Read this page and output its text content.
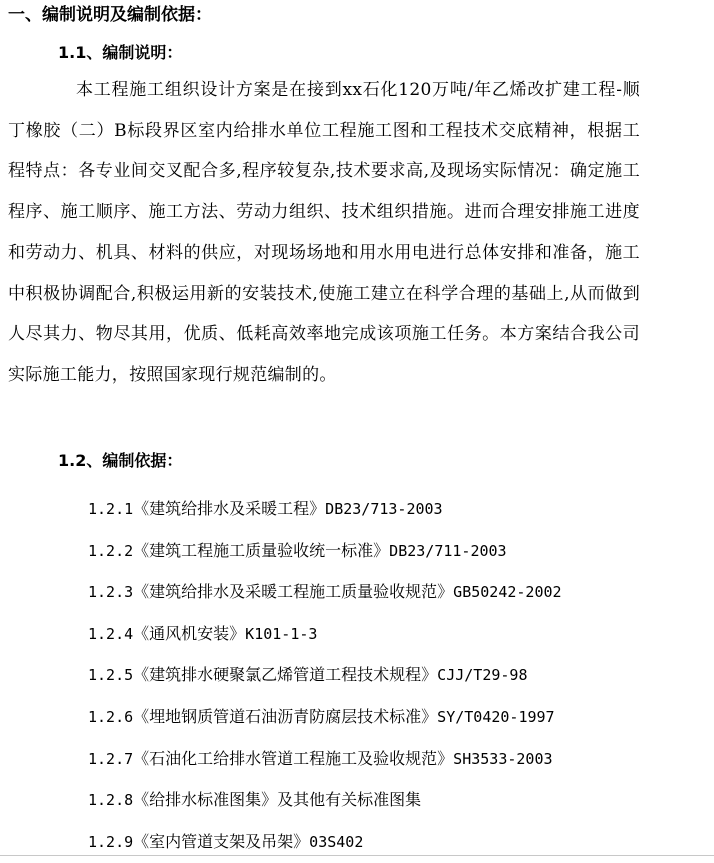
一、编制说明及编制依据：
1.1、编制说明：
本工程施工组织设计方案是在接到xx石化120万吨/年乙烯改扩建工程-顺丁橡胶（二）B标段界区室内给排水单位工程施工图和工程技术交底精神，根据工程特点：各专业间交叉配合多,程序较复杂,技术要求高,及现场实际情况：确定施工程序、施工顺序、施工方法、劳动力组织、技术组织措施。进而合理安排施工进度和劳动力、机具、材料的供应，对现场场地和用水用电进行总体安排和准备，施工中积极协调配合,积极运用新的安装技术,使施工建立在科学合理的基础上,从而做到人尽其力、物尽其用，优质、低耗高效率地完成该项施工任务。本方案结合我公司实际施工能力，按照国家现行规范编制的。
1.2、编制依据：
1.2.1《建筑给排水及采暖工程》DB23/713-2003
1.2.2《建筑工程施工质量验收统一标准》DB23/711-2003
1.2.3《建筑给排水及采暖工程施工质量验收规范》GB50242-2002
1.2.4《通风机安装》K101-1-3
1.2.5《建筑排水硬聚氯乙烯管道工程技术规程》CJJ/T29-98
1.2.6《埋地钢质管道石油沥青防腐层技术标准》SY/T0420-1997
1.2.7《石油化工给排水管道工程施工及验收规范》SH3533-2003
1.2.8《给排水标准图集》及其他有关标准图集
1.2.9《室内管道支架及吊架》03S402
